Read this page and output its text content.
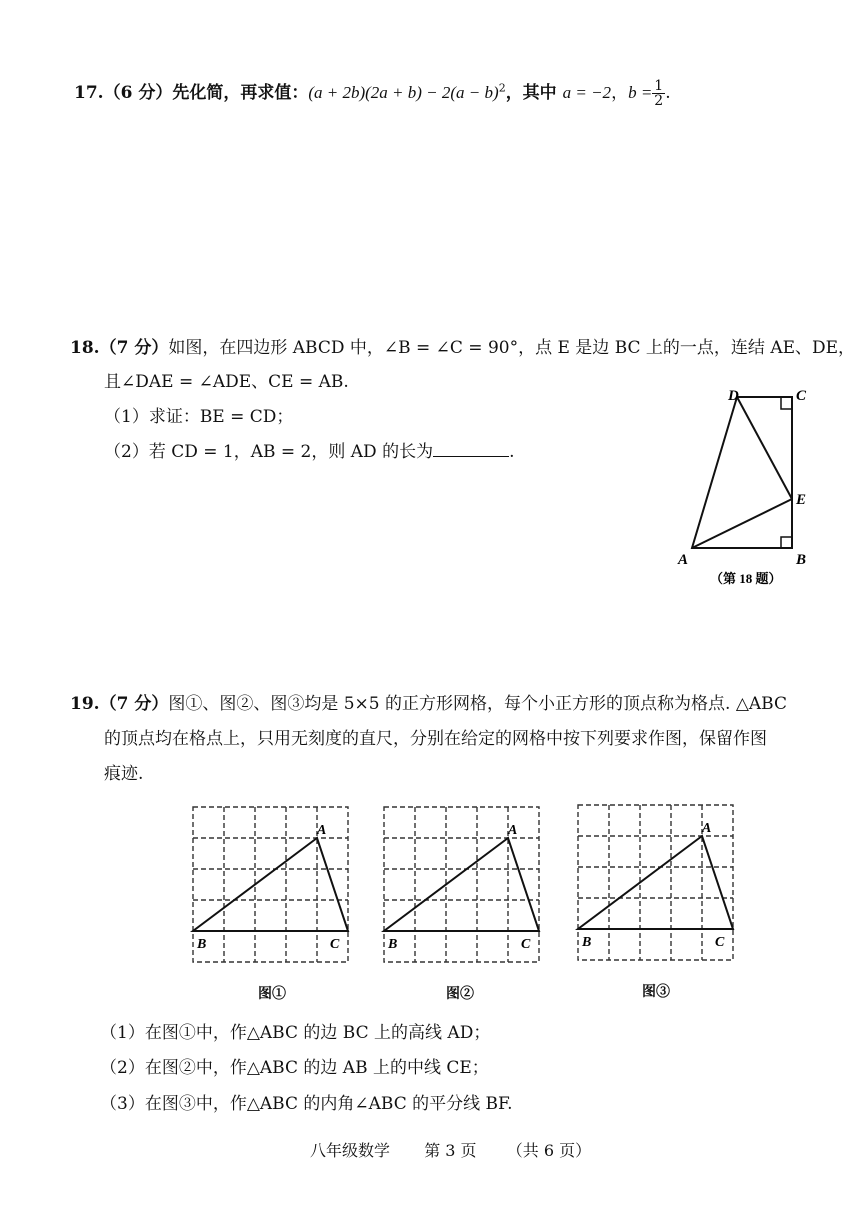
17.（6 分）先化简，再求值：$(a + 2b)(2a + b) - 2(a - b)^2$，其中 a = −2，$b = \frac{1}{2}$ .
18.（7 分）如图，在四边形 ABCD 中，∠B = ∠C = 90°，点 E 是边 BC 上的一点，连结 AE、DE，
且∠DAE = ∠ADE、CE = AB.
（1）求证：BE = CD；
（2）若 CD = 1，AB = 2，则 AD 的长为	.
D	C
E
A	B
（第 18 题）
19.（7 分）图①、图②、图③均是 5×5 的正方形网格，每个小正方形的顶点称为格点. △ABC
的顶点均在格点上，只用无刻度的直尺，分别在给定的网格中按下列要求作图，保留作图
痕迹.
A
B	C
图①
A
B	C
图②
A
B	C
图③
（1）在图①中，作△ABC 的边 BC 上的高线 AD；
（2）在图②中，作△ABC 的边 AB 上的中线 CE；
（3）在图③中，作△ABC 的内角∠ABC 的平分线 BF.
八年级数学 第 3 页 （共 6 页）
